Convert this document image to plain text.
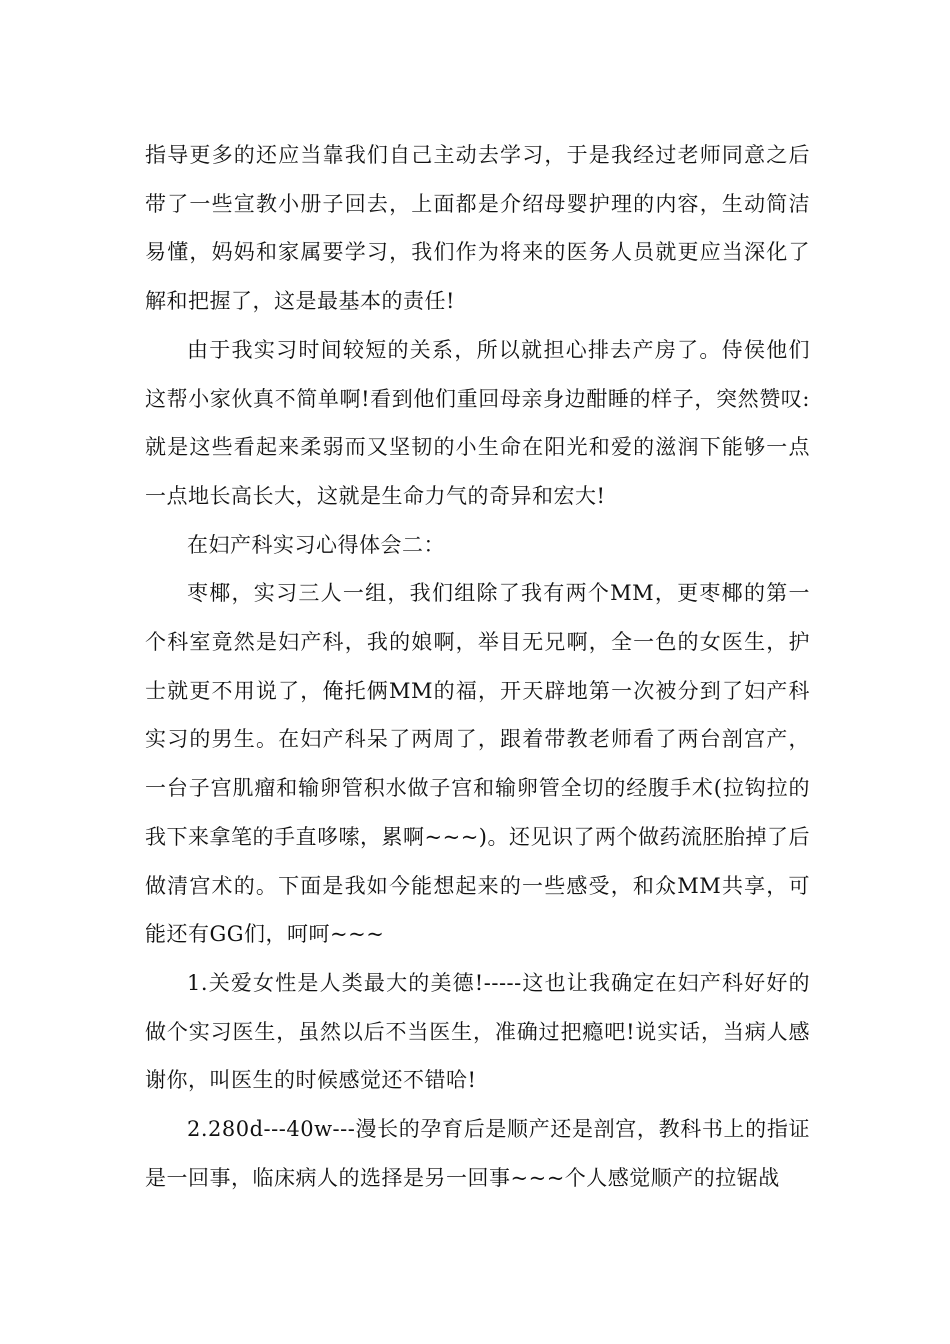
指导更多的还应当靠我们自己主动去学习，于是我经过老师同意之后带了一些宣教小册子回去，上面都是介绍母婴护理的内容，生动简洁易懂，妈妈和家属要学习，我们作为将来的医务人员就更应当深化了解和把握了，这是最基本的责任!

由于我实习时间较短的关系，所以就担心排去产房了。侍侯他们这帮小家伙真不简单啊!看到他们重回母亲身边酣睡的样子，突然赞叹:就是这些看起来柔弱而又坚韧的小生命在阳光和爱的滋润下能够一点一点地长高长大，这就是生命力气的奇异和宏大!

在妇产科实习心得体会二：

枣椰，实习三人一组，我们组除了我有两个MM，更枣椰的第一个科室竟然是妇产科，我的娘啊，举目无兄啊，全一色的女医生，护士就更不用说了，俺托俩MM的福，开天辟地第一次被分到了妇产科实习的男生。在妇产科呆了两周了，跟着带教老师看了两台剖宫产，一台子宫肌瘤和输卵管积水做子宫和输卵管全切的经腹手术(拉钩拉的我下来拿笔的手直哆嗦，累啊~~~)。还见识了两个做药流胚胎掉了后做清宫术的。下面是我如今能想起来的一些感受，和众MM共享，可能还有GG们，呵呵~~~

1.关爱女性是人类最大的美德!-----这也让我确定在妇产科好好的做个实习医生，虽然以后不当医生，准确过把瘾吧!说实话，当病人感谢你，叫医生的时候感觉还不错哈!

2.280d---40w---漫长的孕育后是顺产还是剖宫，教科书上的指证是一回事，临床病人的选择是另一回事~~~个人感觉顺产的拉锯战
